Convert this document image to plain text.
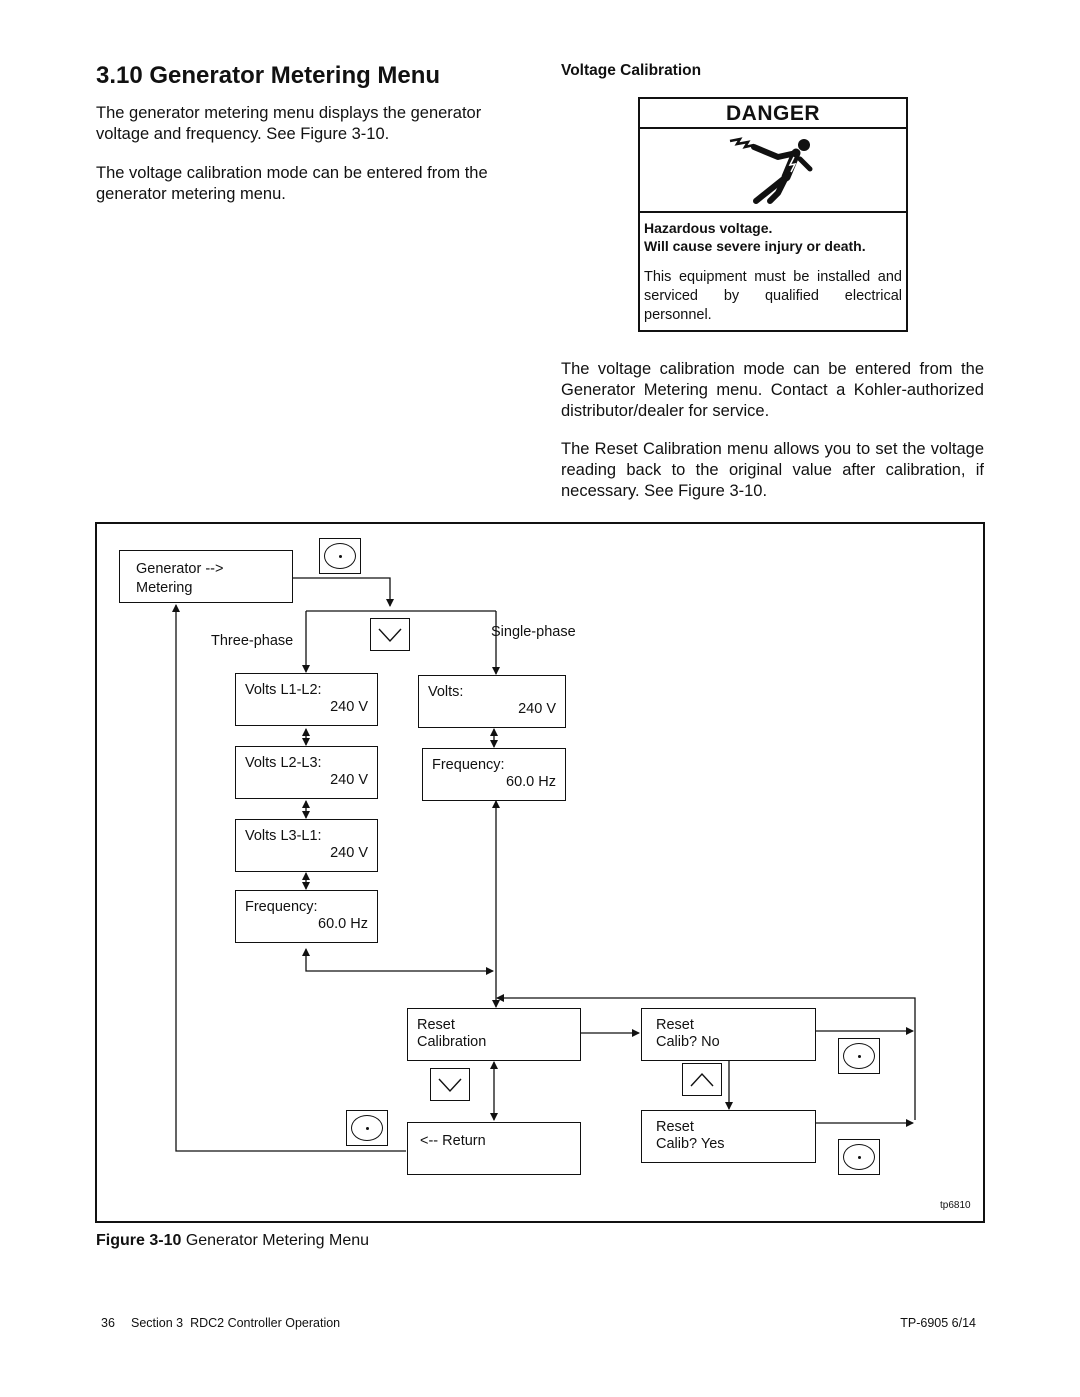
3.10 Generator Metering Menu
The generator metering menu displays the generator voltage and frequency. See Figure 3-10.
The voltage calibration mode can be entered from the generator metering menu.
Voltage Calibration
DANGER
Hazardous voltage.
Will cause severe injury or death.
This equipment must be installed and serviced by qualified electrical personnel.
The voltage calibration mode can be entered from the Generator Metering menu. Contact a Kohler-authorized distributor/dealer for service.
The Reset Calibration menu allows you to set the voltage reading back to the original value after calibration, if necessary. See Figure 3-10.
Generator -->
Metering
Three-phase
Single-phase
Volts L1-L2:
240 V
Volts L2-L3:
240 V
Volts L3-L1:
240 V
Frequency:
60.0 Hz
Volts:
240 V
Frequency:
60.0 Hz
Reset
Calibration
Reset
Calib? No
Reset
Calib? Yes
<-- Return
tp6810
Figure 3-10 Generator Metering Menu
36 Section 3  RDC2 Controller Operation	TP-6905 6/14
